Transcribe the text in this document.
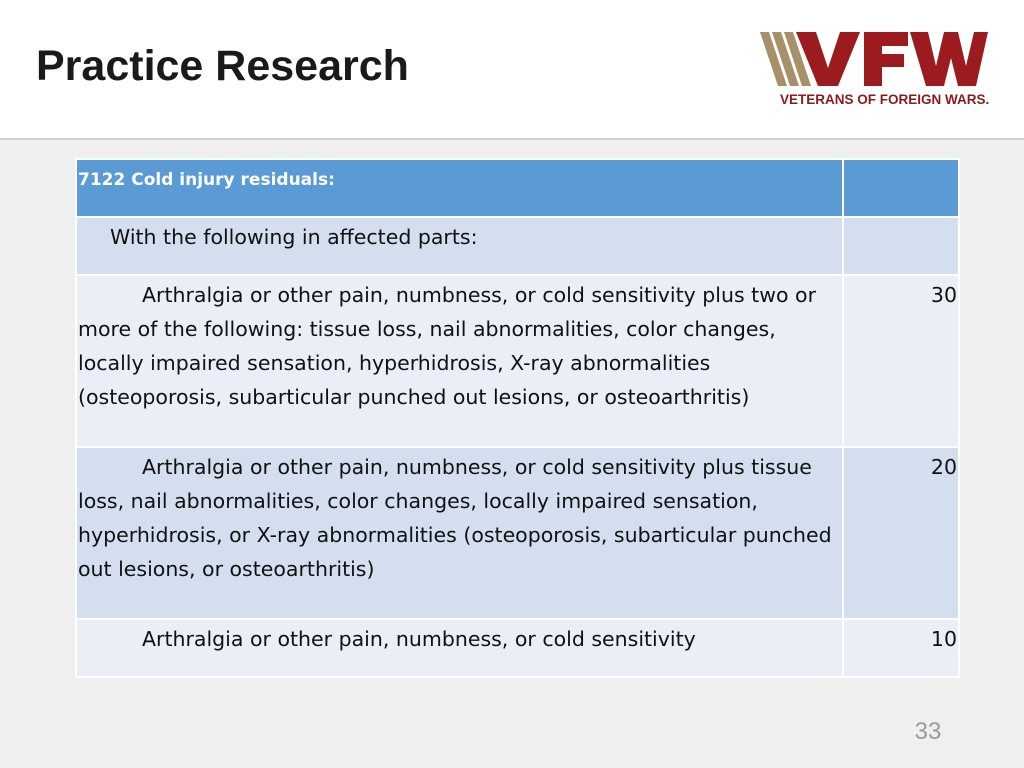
Practice Research
VETERANS OF FOREIGN WARS.
7122 Cold injury residuals:	

With the following in affected parts:	

Arthralgia or other pain, numbness, or cold sensitivity plus two or more of the following: tissue loss, nail abnormalities, color changes, locally impaired sensation, hyperhidrosis, X-ray abnormalities (osteoporosis, subarticular punched out lesions, or osteoarthritis)	30

Arthralgia or other pain, numbness, or cold sensitivity plus tissue loss, nail abnormalities, color changes, locally impaired sensation, hyperhidrosis, or X-ray abnormalities (osteoporosis, subarticular punched out lesions, or osteoarthritis)	20

Arthralgia or other pain, numbness, or cold sensitivity	10
33
